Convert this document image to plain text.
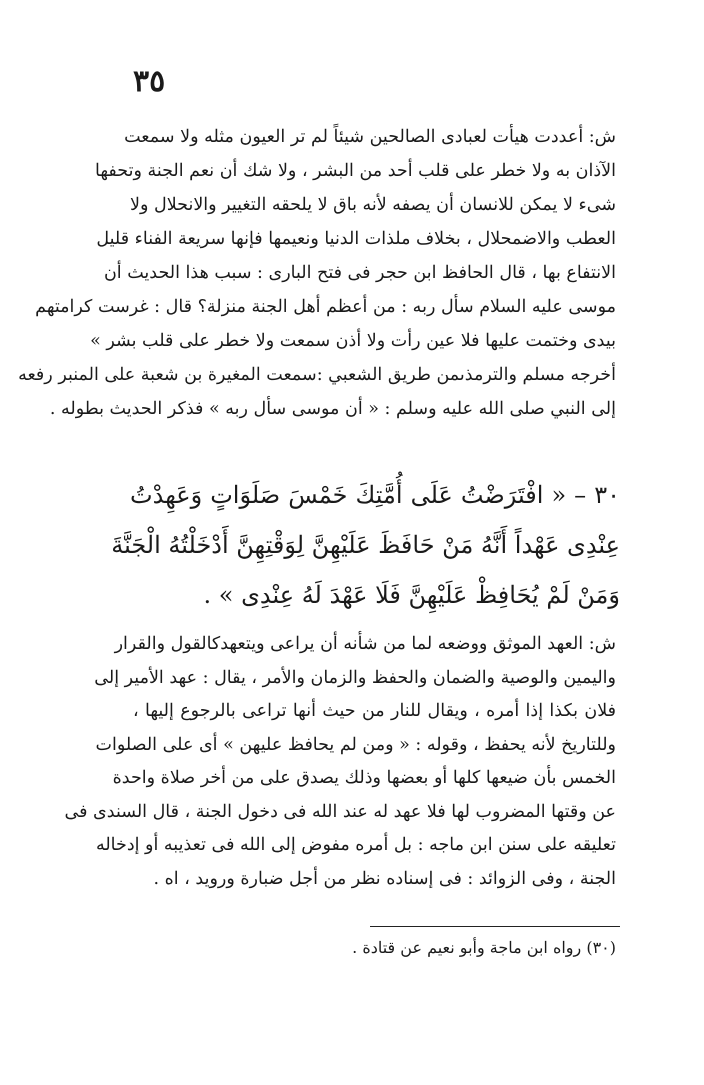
٣٥
ش: أعددت هيأت لعبادى الصالحين شيئاً لم تر العيون مثله ولا سمعت
الآذان به ولا خطر على قلب أحد من البشر ، ولا شك أن نعم الجنة وتحفها
شىء لا يمكن للانسان أن يصفه لأنه باق لا يلحقه التغيير والانحلال ولا
العطب والاضمحلال ، بخلاف ملذات الدنيا ونعيمها فإنها سريعة الفناء قليل
الانتفاع بها ، قال الحافظ ابن حجر فى فتح البارى : سبب هذا الحديث أن
موسى عليه السلام سأل ربه : من أعظم أهل الجنة منزلة؟ قال : غرست كرامتهم
بيدى وختمت عليها فلا عين رأت ولا أذن سمعت ولا خطر على قلب بشر »
أخرجه مسلم والترمذىمن طريق الشعبي :سمعت المغيرة بن شعبة على المنبر رفعه
إلى النبي صلى الله عليه وسلم : « أن موسى سأل ربه » فذكر الحديث بطوله .
٣٠ – « افْتَرَضْتُ عَلَى أُمَّتِكَ خَمْسَ صَلَوَاتٍ وَعَهِدْتُ
عِنْدِى عَهْداً أَنَّهُ مَنْ حَافَظَ عَلَيْهِنَّ لِوَقْتِهِنَّ أَدْخَلْتُهُ الْجَنَّةَ
وَمَنْ لَمْ يُحَافِظْ عَلَيْهِنَّ فَلَا عَهْدَ لَهُ عِنْدِى » .
ش: العهد الموثق ووضعه لما من شأنه أن يراعى ويتعهدكالقول والقرار
واليمين والوصية والضمان والحفظ والزمان والأمر ، يقال : عهد الأمير إلى
فلان بكذا إذا أمره ، ويقال للنار من حيث أنها تراعى بالرجوع إليها ،
وللتاريخ لأنه يحفظ ، وقوله : « ومن لم يحافظ عليهن » أى على الصلوات
الخمس بأن ضيعها كلها أو بعضها وذلك يصدق على من أخر صلاة واحدة
عن وقتها المضروب لها فلا عهد له عند الله فى دخول الجنة ، قال السندى فى
تعليقه على سنن ابن ماجه : بل أمره مفوض إلى الله فى تعذيبه أو إدخاله
الجنة ، وفى الزوائد : فى إسناده نظر من أجل ضبارة ورويد ، اه .
(٣٠) رواه ابن ماجة وأبو نعيم عن قتادة .
